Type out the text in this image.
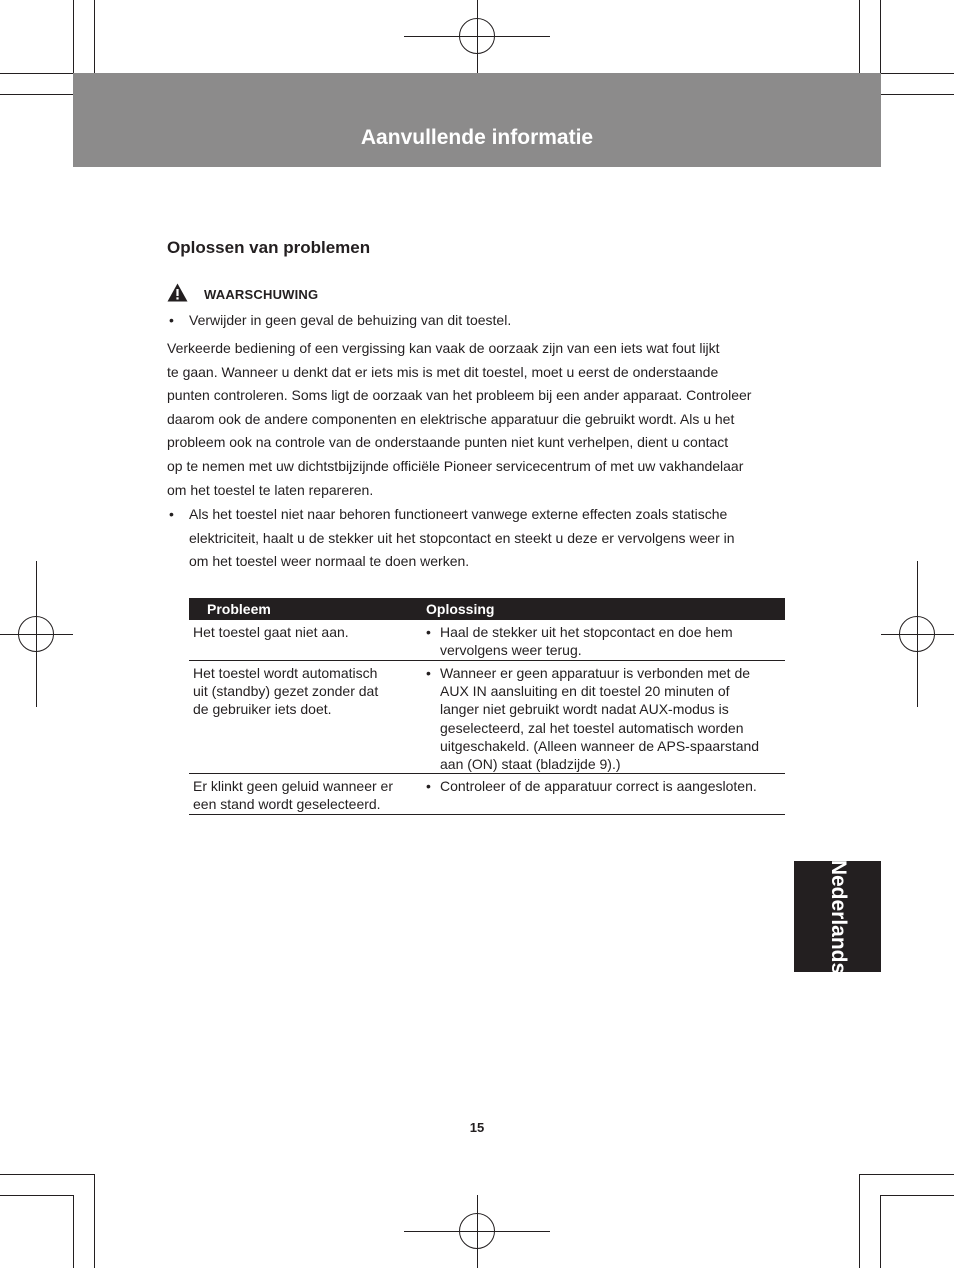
Aanvullende informatie
Oplossen van problemen
WAARSCHUWING
• Verwijder in geen geval de behuizing van dit toestel.
Verkeerde bediening of een vergissing kan vaak de oorzaak zijn van een iets wat fout lijkt
te gaan. Wanneer u denkt dat er iets mis is met dit toestel, moet u eerst de onderstaande
punten controleren. Soms ligt de oorzaak van het probleem bij een ander apparaat. Controleer
daarom ook de andere componenten en elektrische apparatuur die gebruikt wordt. Als u het
probleem ook na controle van de onderstaande punten niet kunt verhelpen, dient u contact
op te nemen met uw dichtstbijzijnde officiële Pioneer servicecentrum of met uw vakhandelaar
om het toestel te laten repareren.
• Als het toestel niet naar behoren functioneert vanwege externe effecten zoals statische
elektriciteit, haalt u de stekker uit het stopcontact en steekt u deze er vervolgens weer in
om het toestel weer normaal te doen werken.
Probleem	Oplossing
Het toestel gaat niet aan.	• Haal de stekker uit het stopcontact en doe hem
vervolgens weer terug.
Het toestel wordt automatisch
uit (standby) gezet zonder dat
de gebruiker iets doet.
• Wanneer er geen apparatuur is verbonden met de
AUX IN aansluiting en dit toestel 20 minuten of
langer niet gebruikt wordt nadat AUX-modus is
geselecteerd, zal het toestel automatisch worden
uitgeschakeld. (Alleen wanneer de APS-spaarstand
aan (ON) staat (bladzijde 9).)
Er klinkt geen geluid wanneer er
een stand wordt geselecteerd.
• Controleer of de apparatuur correct is aangesloten.
Nederlands
15
